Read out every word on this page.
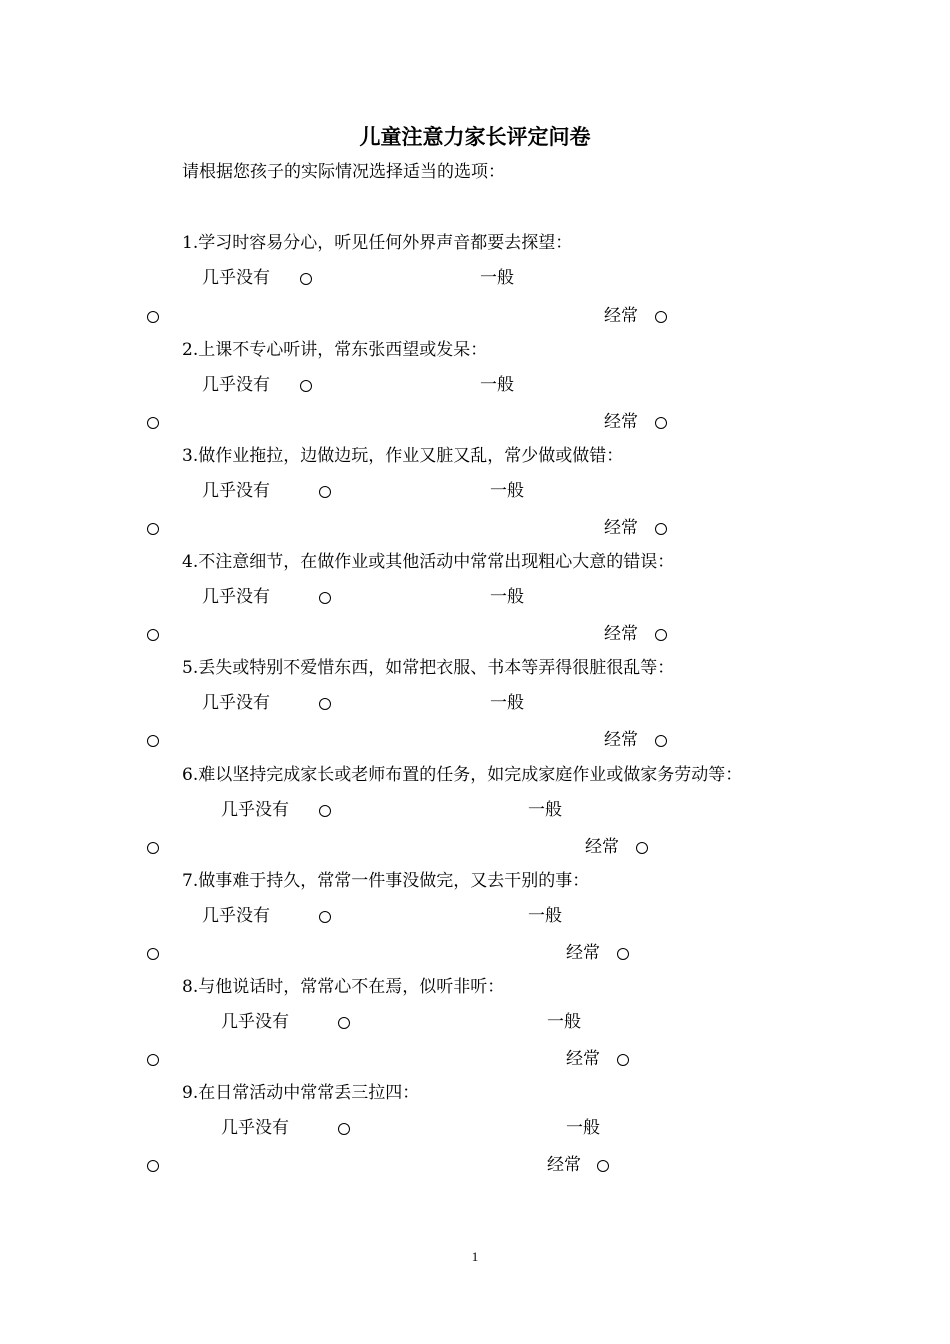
儿童注意力家长评定问卷
请根据您孩子的实际情况选择适当的选项：
1.学习时容易分心，听见任何外界声音都要去探望：
几乎没有	一般
经常
2.上课不专心听讲，常东张西望或发呆：
几乎没有	一般
经常
3.做作业拖拉，边做边玩，作业又脏又乱，常少做或做错：
几乎没有	一般
经常
4.不注意细节，在做作业或其他活动中常常出现粗心大意的错误：
几乎没有	一般
经常
5.丢失或特别不爱惜东西，如常把衣服、书本等弄得很脏很乱等：
几乎没有	一般
经常
6.难以坚持完成家长或老师布置的任务，如完成家庭作业或做家务劳动等：
几乎没有	一般
经常
7.做事难于持久，常常一件事没做完，又去干别的事：
几乎没有	一般
经常
8.与他说话时，常常心不在焉，似听非听：
几乎没有	一般
经常
9.在日常活动中常常丢三拉四：
几乎没有	一般
经常
1
